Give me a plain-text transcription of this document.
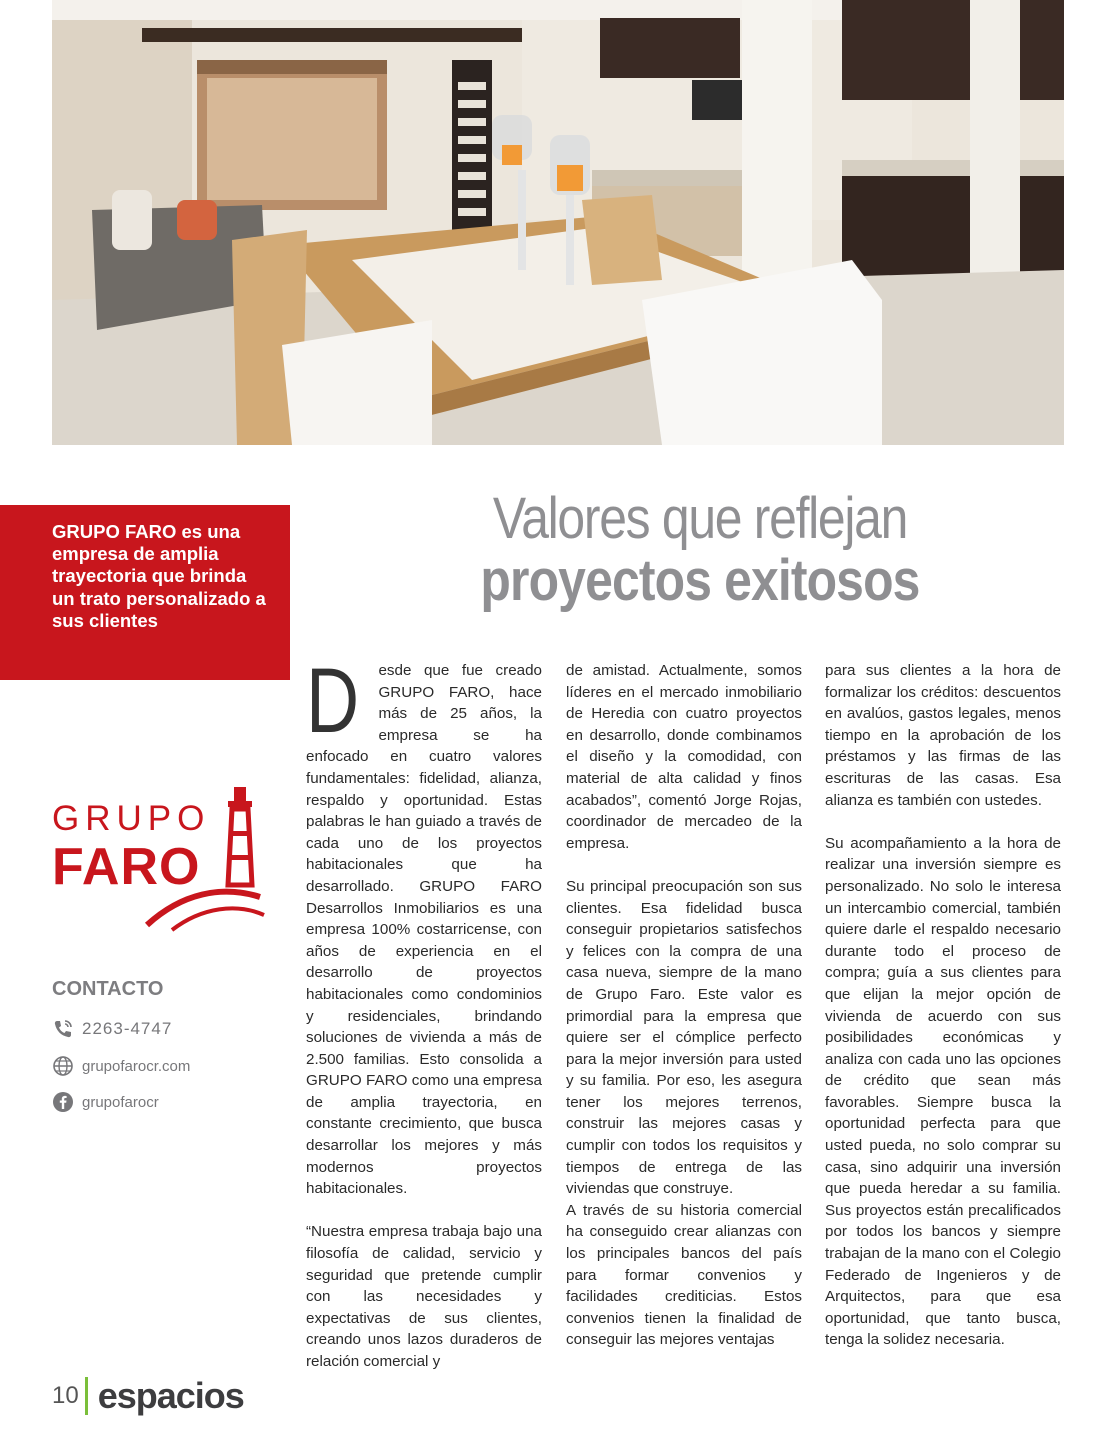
GRUPO FARO es una empresa de amplia trayectoria que brinda un trato personalizado a sus clientes

Valores que reflejan
proyectos exitosos
GRUPO
FARO
CONTACTO
2263-4747
grupofarocr.com
grupofarocr

D esde que fue creado GRUPO FARO, hace más de 25 años, la empresa se ha enfocado en cuatro valores fundamentales: fidelidad, alianza, respaldo y oportunidad. Estas palabras le han guiado a través de cada uno de los proyectos habitacionales que ha desarrollado. GRUPO FARO Desarrollos Inmobiliarios es una empresa 100% costarricense, con años de experiencia en el desarrollo de proyectos habitacionales como condominios y residenciales, brindando soluciones de vivienda a más de 2.500 familias. Esto consolida a GRUPO FARO como una empresa de amplia trayectoria, en constante crecimiento, que busca desarrollar los mejores y más modernos proyectos habitacionales.

“Nuestra empresa trabaja bajo una filosofía de calidad, servicio y seguridad que pretende cumplir con las necesidades y expectativas de sus clientes, creando unos lazos duraderos de relación comercial y

de amistad. Actualmente, somos líderes en el mercado inmobiliario de Heredia con cuatro proyectos en desarrollo, donde combinamos el diseño y la comodidad, con material de alta calidad y finos acabados”, comentó Jorge Rojas, coordinador de mercadeo de la empresa.

Su principal preocupación son sus clientes. Esa fidelidad busca conseguir propietarios satisfechos y felices con la compra de una casa nueva, siempre de la mano de Grupo Faro. Este valor es primordial para la empresa que quiere ser el cómplice perfecto para la mejor inversión para usted y su familia. Por eso, les asegura tener los mejores terrenos, construir las mejores casas y cumplir con todos los requisitos y tiempos de entrega de las viviendas que construye.

A través de su historia comercial ha conseguido crear alianzas con los principales bancos del país para formar convenios y facilidades crediticias. Estos convenios tienen la finalidad de conseguir las mejores ventajas

para sus clientes a la hora de formalizar los créditos: descuentos en avalúos, gastos legales, menos tiempo en la aprobación de los préstamos y las firmas de las escrituras de las casas. Esa alianza es también con ustedes.

Su acompañamiento a la hora de realizar una inversión siempre es personalizado. No solo le interesa un intercambio comercial, también quiere darle el respaldo necesario durante todo el proceso de compra; guía a sus clientes para que elijan la mejor opción de vivienda de acuerdo con sus posibilidades económicas y analiza con cada uno las opciones de crédito que sean más favorables. Siempre busca la oportunidad perfecta para que usted pueda, no solo comprar su casa, sino adquirir una inversión que pueda heredar a su familia. Sus proyectos están precalificados por todos los bancos y siempre trabajan de la mano con el Colegio Federado de Ingenieros y de Arquitectos, para que esa oportunidad, que tanto busca, tenga la solidez necesaria.

10 espacios
